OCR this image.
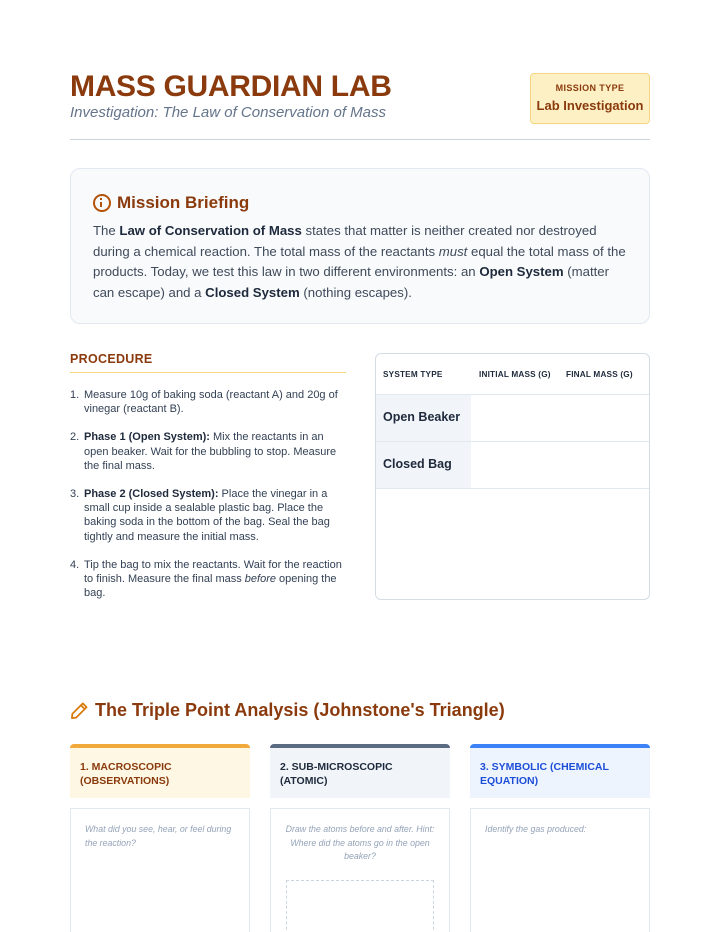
MASS GUARDIAN LAB
Investigation: The Law of Conservation of Mass
MISSION TYPE
Lab Investigation
Mission Briefing

The Law of Conservation of Mass states that matter is neither created nor destroyed during a chemical reaction. The total mass of the reactants must equal the total mass of the products. Today, we test this law in two different environments: an Open System (matter can escape) and a Closed System (nothing escapes).

PROCEDURE
1. Measure 10g of baking soda (reactant A) and 20g of vinegar (reactant B).
2. Phase 1 (Open System): Mix the reactants in an open beaker. Wait for the bubbling to stop. Measure the final mass.
3. Phase 2 (Closed System): Place the vinegar in a small cup inside a sealable plastic bag. Place the baking soda in the bottom of the bag. Seal the bag tightly and measure the initial mass.
4. Tip the bag to mix the reactants. Wait for the reaction to finish. Measure the final mass before opening the bag.
SYSTEM TYPE	INITIAL MASS (G)	FINAL MASS (G)
Open Beaker
Closed Bag
The Triple Point Analysis (Johnstone's Triangle)
1. MACROSCOPIC (OBSERVATIONS)
What did you see, hear, or feel during the reaction?
2. SUB-MICROSCOPIC (ATOMIC)
Draw the atoms before and after. Hint: Where did the atoms go in the open beaker?
3. SYMBOLIC (CHEMICAL EQUATION)
Identify the gas produced:
